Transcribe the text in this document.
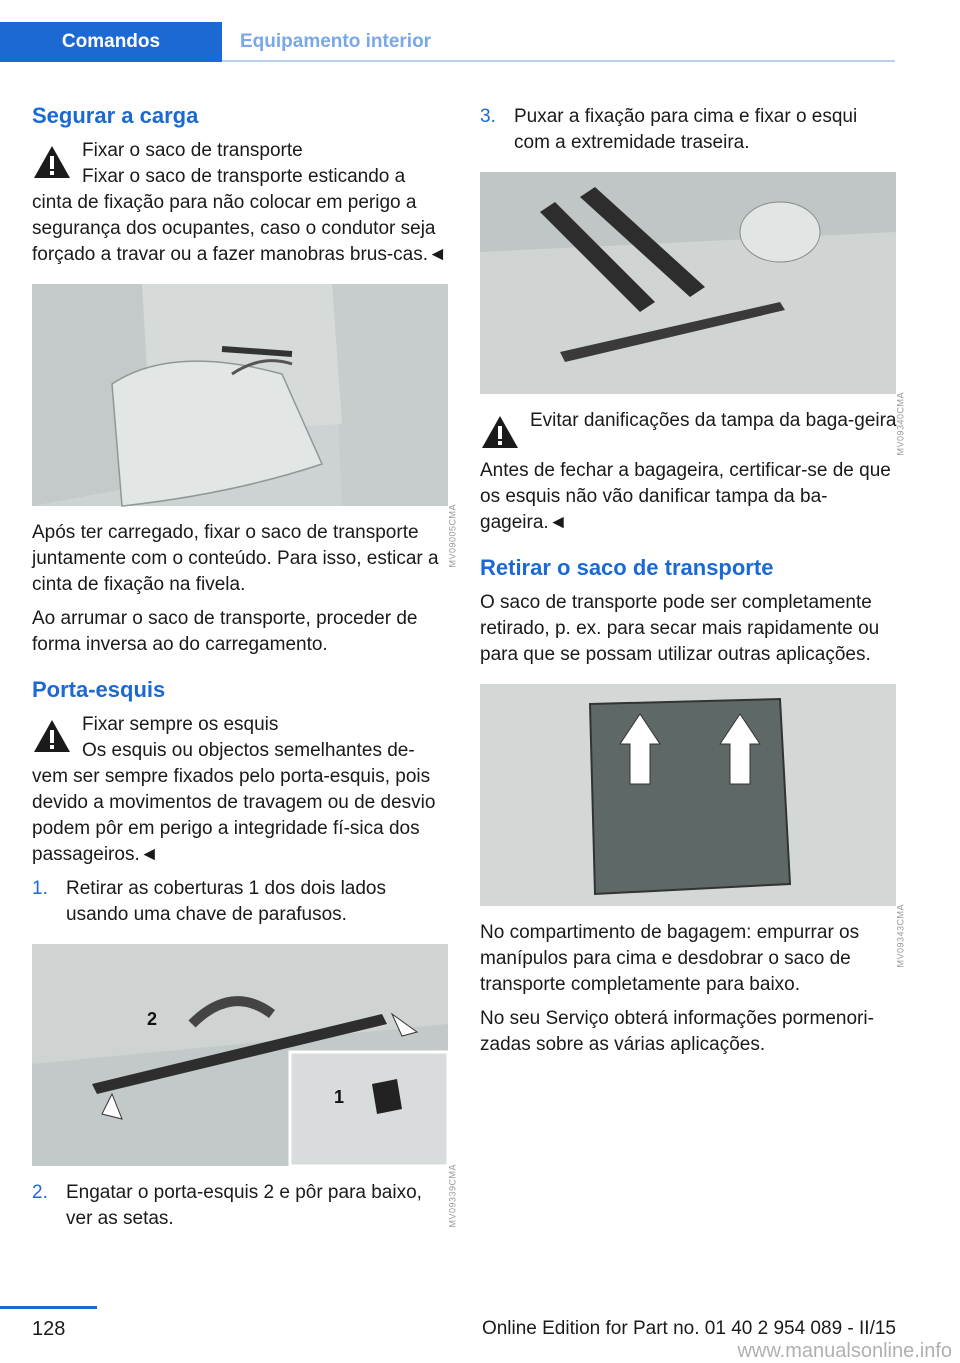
Comandos	Equipamento interior
Segurar a carga

Fixar o saco de transporte

Fixar o saco de transporte esticando a cinta de fixação para não colocar em perigo a segurança dos ocupantes, caso o condutor seja forçado a travar ou a fazer manobras brus‐cas.◄

MV09005CMA

Após ter carregado, fixar o saco de transporte juntamente com o conteúdo. Para isso, esticar a cinta de fixação na fivela.

Ao arrumar o saco de transporte, proceder de forma inversa ao do carregamento.

Porta-esquis

Fixar sempre os esquis

Os esquis ou objectos semelhantes de‐vem ser sempre fixados pelo porta-esquis, pois devido a movimentos de travagem ou de desvio podem pôr em perigo a integridade fí‐sica dos passageiros.◄

1. Retirar as coberturas 1 dos dois lados usando uma chave de parafusos.
2
1
MV09339CMA
2. Engatar o porta-esquis 2 e pôr para baixo, ver as setas.
3. Puxar a fixação para cima e fixar o esqui com a extremidade traseira.
MV09340CMA

Evitar danificações da tampa da baga‐geira

Antes de fechar a bagageira, certificar-se de que os esquis não vão danificar tampa da ba‐gageira.◄

Retirar o saco de transporte

O saco de transporte pode ser completamente retirado, p. ex. para secar mais rapidamente ou para que se possam utilizar outras aplicações.

MV09343CMA

No compartimento de bagagem: empurrar os manípulos para cima e desdobrar o saco de transporte completamente para baixo.

No seu Serviço obterá informações pormenori‐zadas sobre as várias aplicações.

128	Online Edition for Part no. 01 40 2 954 089 - II/15
www.manualsonline.info
